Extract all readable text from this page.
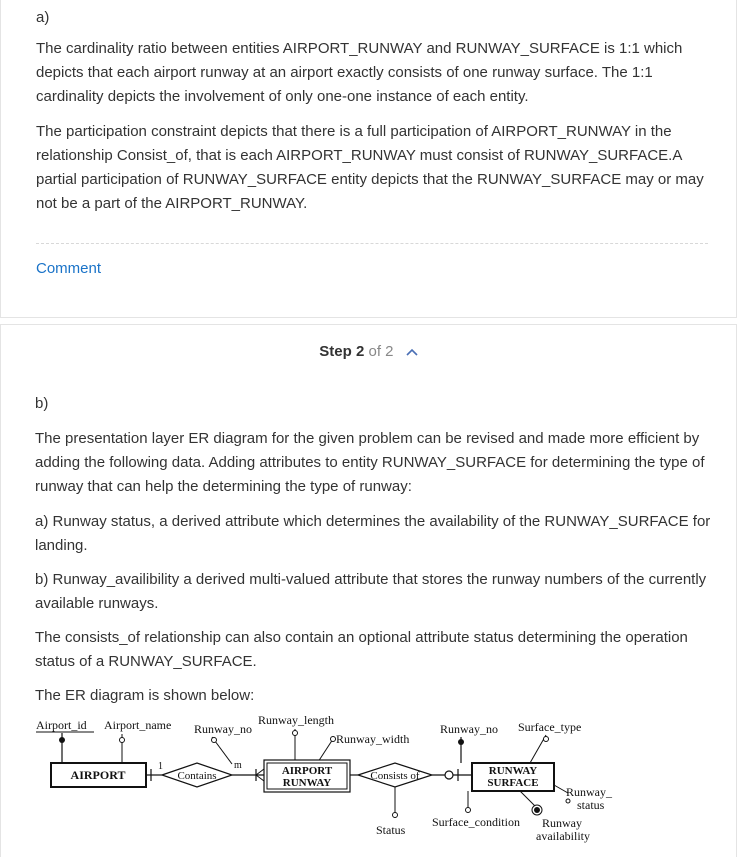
a)

The cardinality ratio between entities AIRPORT_RUNWAY and RUNWAY_SURFACE is 1:1 which depicts that each airport runway at an airport exactly consists of one runway surface. The 1:1 cardinality depicts the involvement of only one-one instance of each entity.

The participation constraint depicts that there is a full participation of AIRPORT_RUNWAY in the relationship Consist_of, that is each AIRPORT_RUNWAY must consist of RUNWAY_SURFACE.A partial participation of RUNWAY_SURFACE entity depicts that the RUNWAY_SURFACE may or may not be a part of the AIRPORT_RUNWAY.

Comment
Step 2 of 2
b)

The presentation layer ER diagram for the given problem can be revised and made more efficient by adding the following data. Adding attributes to entity RUNWAY_SURFACE for determining the type of runway that can help the determining the type of runway:

a) Runway status, a derived attribute which determines the availability of the RUNWAY_SURFACE for landing.

b) Runway_availibility a derived multi-valued attribute that stores the runway numbers of the currently available runways.

The consists_of relationship can also contain an optional attribute status determining the operation status of a RUNWAY_SURFACE.

The ER diagram is shown below:

Airport_id Airport_name Runway_no
Runway_length
Runway_width
Runway_no Surface_type
AIRPORT
1
Contains
m	AIRPORT
RUNWAY
Consists of
Status
RUNWAY
SURFACE
Surface_condition Runway
availability
Runway_
status
